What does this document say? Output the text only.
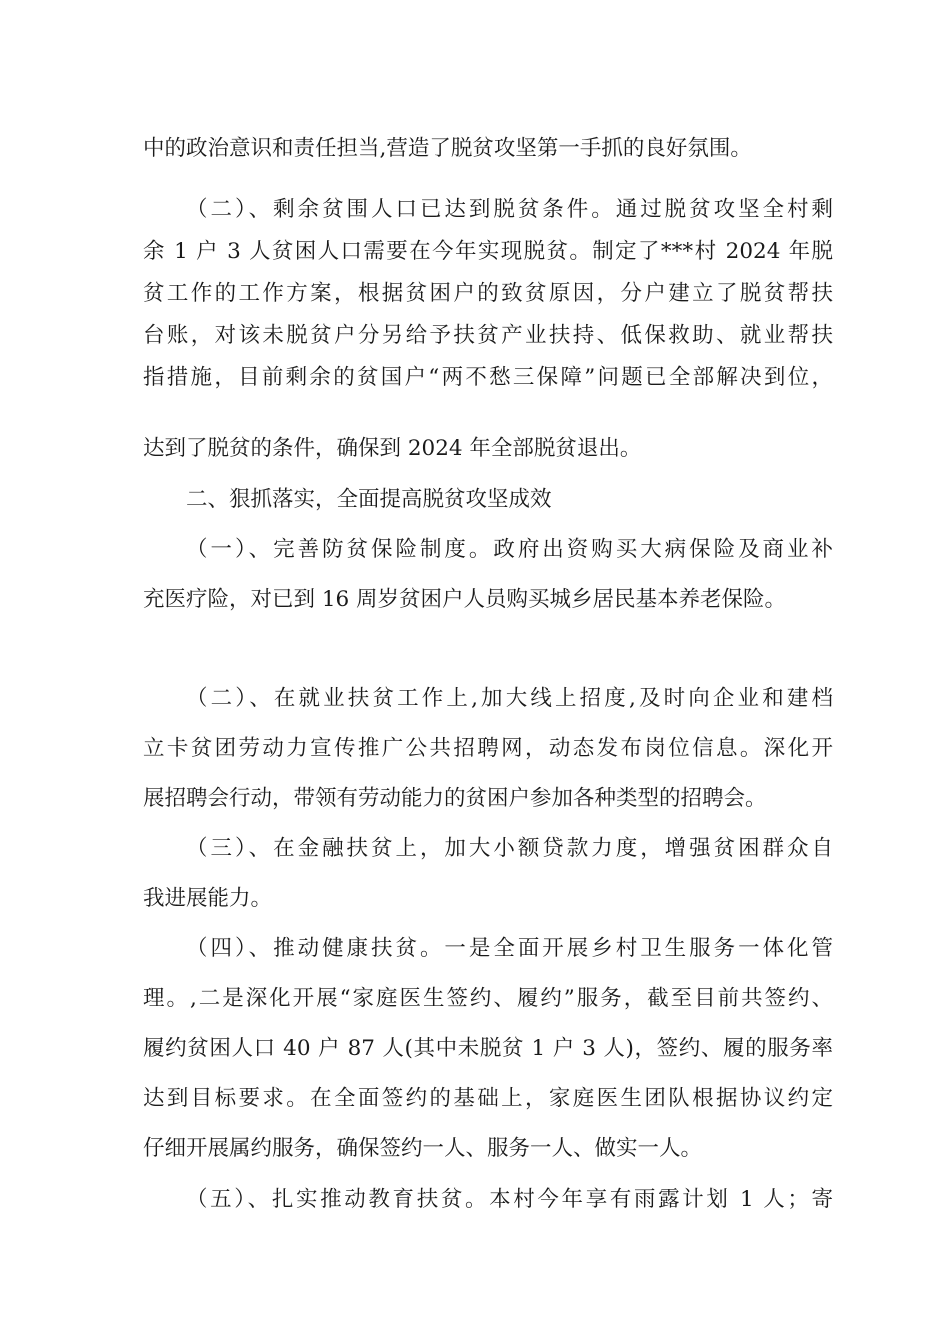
中的政治意识和责任担当,营造了脱贫攻坚第一手抓的良好氛围。
（二）、剩余贫围人口已达到脱贫条件。通过脱贫攻坚全村剩
余 1 户 3 人贫困人口需要在今年实现脱贫。制定了***村 2024 年脱
贫工作的工作方案，根据贫困户的致贫原因，分户建立了脱贫帮扶
台账，对该未脱贫户分另给予扶贫产业扶持、低保救助、就业帮扶
指措施，目前剩余的贫国户“两不愁三保障”问题已全部解决到位，
达到了脱贫的条件，确保到 2024 年全部脱贫退出。
二、狠抓落实，全面提高脱贫攻坚成效
（一）、完善防贫保险制度。政府出资购买大病保险及商业补
充医疗险，对已到 16 周岁贫困户人员购买城乡居民基本养老保险。
（二）、在就业扶贫工作上,加大线上招度,及时向企业和建档
立卡贫团劳动力宣传推广公共招聘网，动态发布岗位信息。深化开
展招聘会行动，带领有劳动能力的贫困户参加各种类型的招聘会。
（三）、在金融扶贫上，加大小额贷款力度，增强贫困群众自
我进展能力。
（四）、推动健康扶贫。一是全面开展乡村卫生服务一体化管
理。,二是深化开展“家庭医生签约、履约”服务，截至目前共签约、
履约贫困人口 40 户 87 人(其中未脱贫 1 户 3 人)，签约、履的服务率
达到目标要求。在全面签约的基础上，家庭医生团队根据协议约定
仔细开展属约服务，确保签约一人、服务一人、做实一人。
（五）、扎实推动教育扶贫。本村今年享有雨露计划 1 人；寄
